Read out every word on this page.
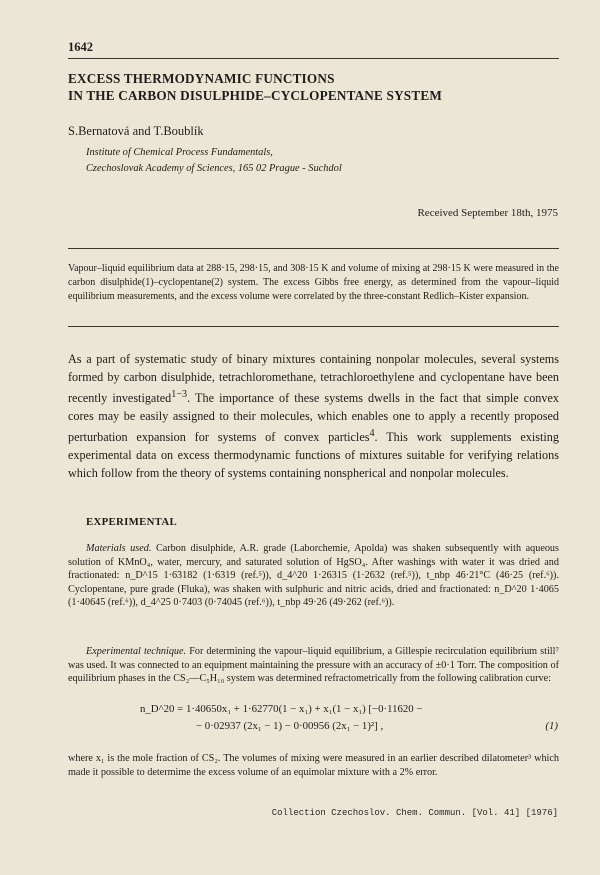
1642
EXCESS THERMODYNAMIC FUNCTIONS
IN THE CARBON DISULPHIDE–CYCLOPENTANE SYSTEM
S.Bernatová and T.Boublík
Institute of Chemical Process Fundamentals,
Czechoslovak Academy of Sciences, 165 02 Prague - Suchdol
Received September 18th, 1975
Vapour–liquid equilibrium data at 288·15, 298·15, and 308·15 K and volume of mixing at 298·15 K were measured in the carbon disulphide(1)–cyclopentane(2) system. The excess Gibbs free energy, as determined from the vapour–liquid equilibrium measurements, and the excess volume were correlated by the three-constant Redlich–Kister expansion.
As a part of systematic study of binary mixtures containing nonpolar molecules, several systems formed by carbon disulphide, tetrachloromethane, tetrachloroethylene and cyclopentane have been recently investigated$^{1-3}$. The importance of these systems dwells in the fact that simple convex cores may be easily assigned to their molecules, which enables one to apply a recently proposed perturbation expansion for systems of convex particles$^4$. This work supplements existing experimental data on excess thermodynamic functions of mixtures suitable for verifying relations which follow from the theory of systems containing nonspherical and nonpolar molecules.
EXPERIMENTAL
Materials used. Carbon disulphide, A.R. grade (Laborchemie, Apolda) was shaken subsequently with aqueous solution of KMnO₄, water, mercury, and saturated solution of HgSO₄. After washings with water it was dried and fractionated: n_D^15 1·63182 (1·6319 (ref.⁵)), d_4^20 1·26315 (1·2632 (ref.⁵)), t_nbp 46·21°C (46·25 (ref.⁶)). Cyclopentane, pure grade (Fluka), was shaken with sulphuric and nitric acids, dried and fractionated: n_D^20 1·4065 (1·40645 (ref.⁶)), d_4^25 0·7403 (0·74045 (ref.⁶)), t_nbp 49·26 (49·262 (ref.⁶)).
Experimental technique. For determining the vapour–liquid equilibrium, a Gillespie recirculation equilibrium still⁷ was used. It was connected to an equipment maintaining the pressure with an accuracy of ±0·1 Torr. The composition of equilibrium phases in the CS₂—C₅H₁₀ system was determined refractometrically from the following calibration curve:
n_D^20 = 1·40650x₁ + 1·62770(1 − x₁) + x₁(1 − x₁) [−0·11620 −
− 0·02937 (2x₁ − 1) − 0·00956 (2x₁ − 1)²] ,	(1)
where x₁ is the mole fraction of CS₂. The volumes of mixing were measured in an earlier described dilatometer³ which made it possible to determime the excess volume of an equimolar mixture with a 2% error.
Collection Czechoslov. Chem. Commun. [Vol. 41] [1976]
